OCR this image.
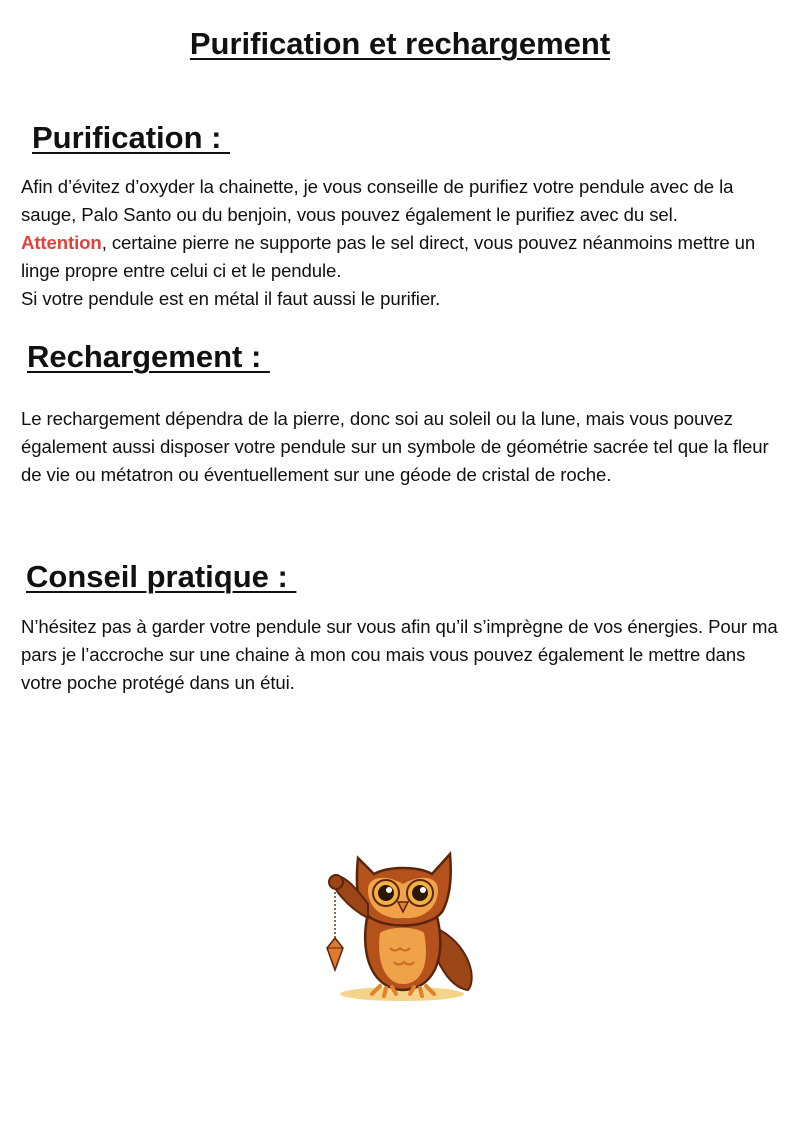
Purification et rechargement
Purification :

Afin d’évitez d’oxyder la chainette, je vous conseille de purifiez votre pendule avec de la sauge, Palo Santo ou du benjoin, vous pouvez également le purifiez avec du sel.
Attention, certaine pierre ne supporte pas le sel direct, vous pouvez néanmoins mettre un linge propre entre celui ci et le pendule.
Si votre pendule est en métal il faut aussi le purifier.

Rechargement :

Le rechargement dépendra de la pierre, donc soi au soleil ou la lune, mais vous pouvez également aussi disposer votre pendule sur un symbole de géométrie sacrée tel que la fleur de vie ou métatron ou éventuellement sur une géode de cristal de roche.

Conseil pratique :

N’hésitez pas à garder votre pendule sur vous afin qu’il s’imprègne de vos énergies. Pour ma pars je l’accroche sur une chaine à mon cou mais vous pouvez également le mettre dans votre poche protégé dans un étui.
